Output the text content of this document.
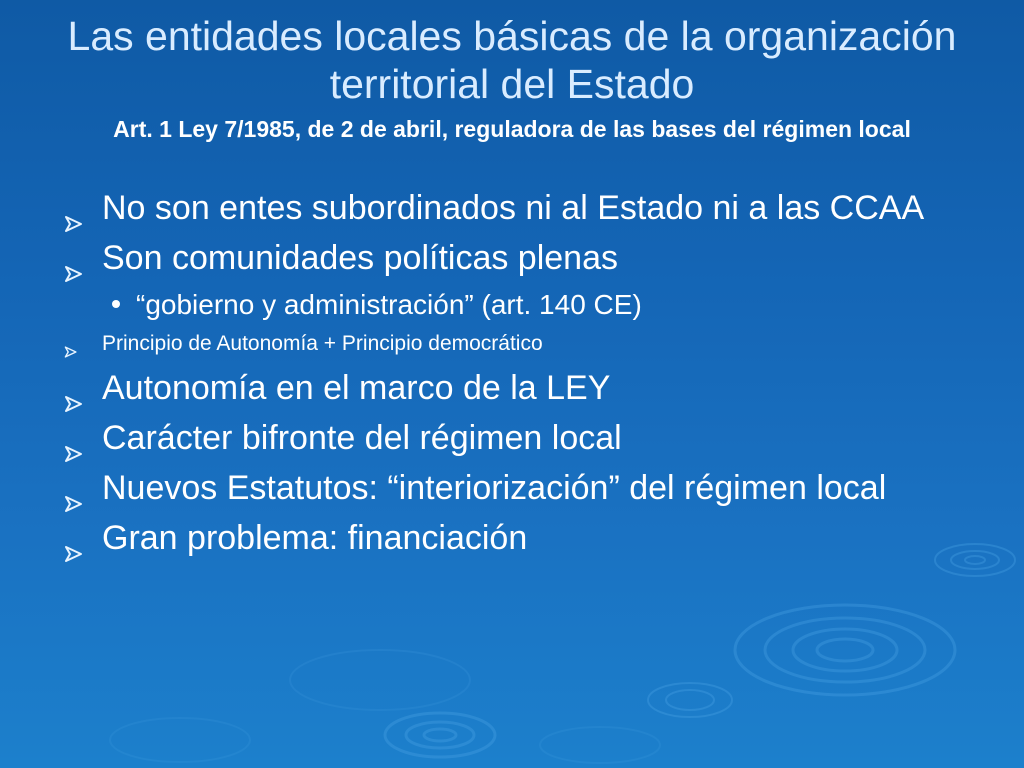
Las entidades locales básicas de la organización territorial del Estado
Art. 1 Ley 7/1985, de 2 de abril, reguladora de las bases del régimen local
No son entes subordinados ni al Estado ni a las CCAA
Son comunidades políticas plenas
“gobierno y administración” (art. 140 CE)
Principio de Autonomía + Principio democrático
Autonomía en el marco de la LEY
Carácter bifronte del régimen local
Nuevos Estatutos: “interiorización” del régimen local
Gran problema: financiación
